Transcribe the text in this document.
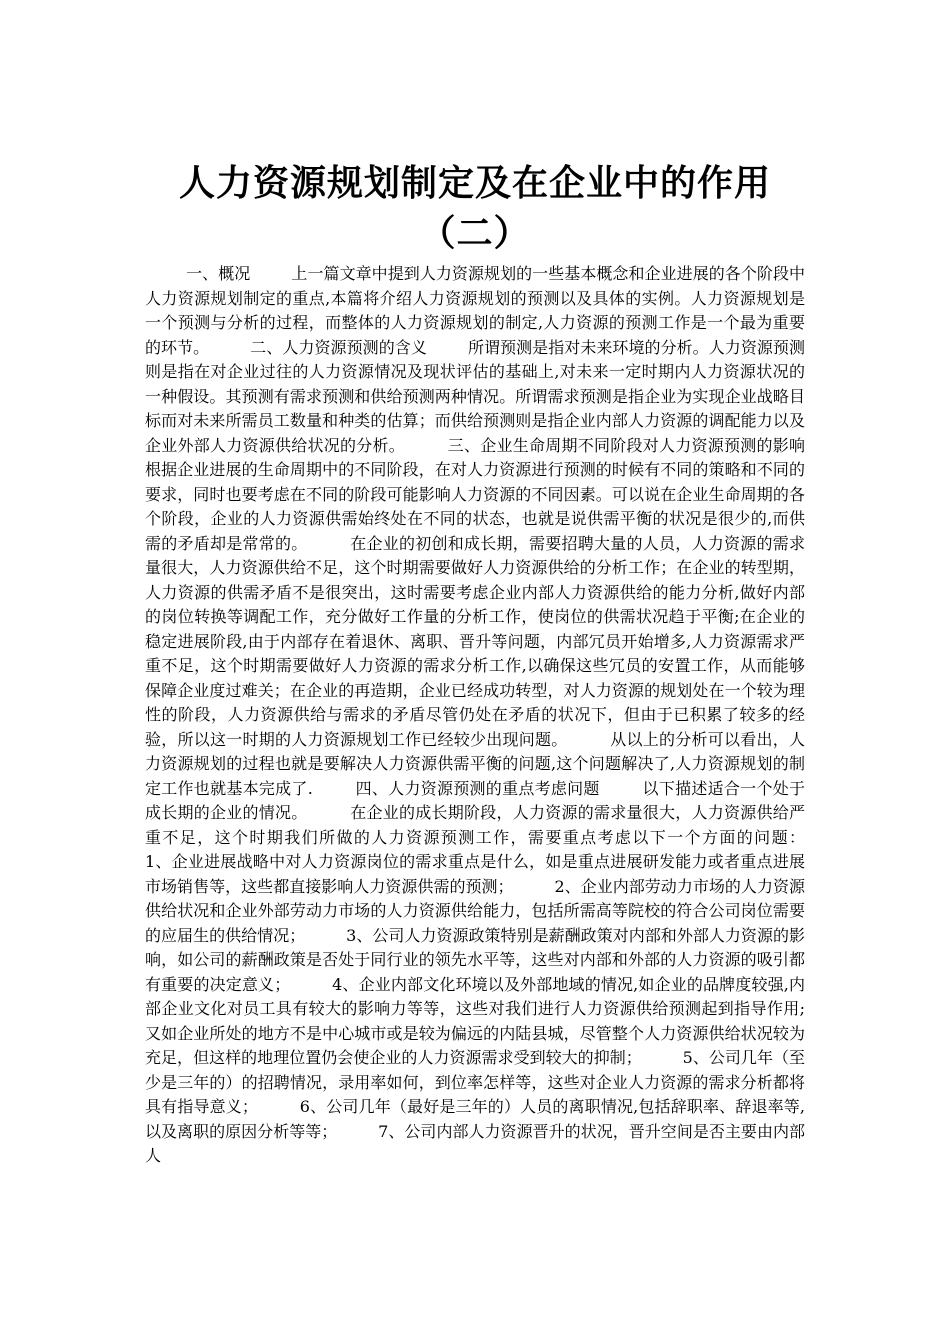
人力资源规划制定及在企业中的作用（二）

一、概况        上一篇文章中提到人力资源规划的一些基本概念和企业进展的各个阶段中人力资源规划制定的重点,本篇将介绍人力资源规划的预测以及具体的实例。人力资源规划是一个预测与分析的过程，而整体的人力资源规划的制定,人力资源的预测工作是一个最为重要的环节。        二、人力资源预测的含义        所谓预测是指对未来环境的分析。人力资源预测则是指在对企业过往的人力资源情况及现状评估的基础上,对未来一定时期内人力资源状况的一种假设。其预测有需求预测和供给预测两种情况。所谓需求预测是指企业为实现企业战略目标而对未来所需员工数量和种类的估算；而供给预测则是指企业内部人力资源的调配能力以及企业外部人力资源供给状况的分析。        三、企业生命周期不同阶段对人力资源预测的影响        根据企业进展的生命周期中的不同阶段，在对人力资源进行预测的时候有不同的策略和不同的要求，同时也要考虑在不同的阶段可能影响人力资源的不同因素。可以说在企业生命周期的各个阶段，企业的人力资源供需始终处在不同的状态，也就是说供需平衡的状况是很少的,而供需的矛盾却是常常的。        在企业的初创和成长期，需要招聘大量的人员，人力资源的需求量很大，人力资源供给不足，这个时期需要做好人力资源供给的分析工作；在企业的转型期，人力资源的供需矛盾不是很突出，这时需要考虑企业内部人力资源供给的能力分析,做好内部的岗位转换等调配工作，充分做好工作量的分析工作，使岗位的供需状况趋于平衡;在企业的稳定进展阶段,由于内部存在着退休、离职、晋升等问题，内部冗员开始增多,人力资源需求严重不足，这个时期需要做好人力资源的需求分析工作,以确保这些冗员的安置工作，从而能够保障企业度过难关；在企业的再造期，企业已经成功转型，对人力资源的规划处在一个较为理性的阶段，人力资源供给与需求的矛盾尽管仍处在矛盾的状况下，但由于已积累了较多的经验，所以这一时期的人力资源规划工作已经较少出现问题。        从以上的分析可以看出，人力资源规划的过程也就是要解决人力资源供需平衡的问题,这个问题解决了,人力资源规划的制定工作也就基本完成了.        四、人力资源预测的重点考虑问题        以下描述适合一个处于成长期的企业的情况。        在企业的成长期阶段，人力资源的需求量很大，人力资源供给严重不足，这个时期我们所做的人力资源预测工作，需要重点考虑以下一个方面的问题：        1、企业进展战略中对人力资源岗位的需求重点是什么，如是重点进展研发能力或者重点进展市场销售等，这些都直接影响人力资源供需的预测；        2、企业内部劳动力市场的人力资源供给状况和企业外部劳动力市场的人力资源供给能力，包括所需高等院校的符合公司岗位需要的应届生的供给情况；        3、公司人力资源政策特别是薪酬政策对内部和外部人力资源的影响，如公司的薪酬政策是否处于同行业的领先水平等，这些对内部和外部的人力资源的吸引都有重要的决定意义；        4、企业内部文化环境以及外部地域的情况,如企业的品牌度较强,内部企业文化对员工具有较大的影响力等等，这些对我们进行人力资源供给预测起到指导作用;又如企业所处的地方不是中心城市或是较为偏远的内陆县城，尽管整个人力资源供给状况较为充足，但这样的地理位置仍会使企业的人力资源需求受到较大的抑制；        5、公司几年（至少是三年的）的招聘情况，录用率如何，到位率怎样等，这些对企业人力资源的需求分析都将具有指导意义；        6、公司几年（最好是三年的）人员的离职情况,包括辞职率、辞退率等,以及离职的原因分析等等；        7、公司内部人力资源晋升的状况，晋升空间是否主要由内部人
